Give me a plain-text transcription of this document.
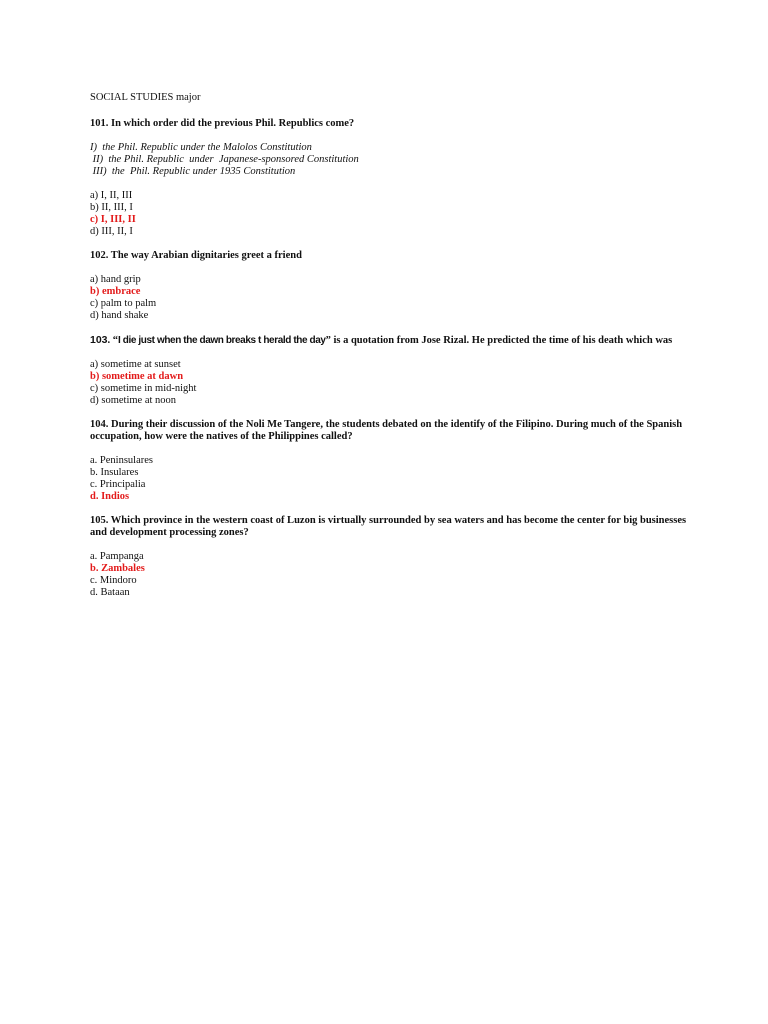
SOCIAL STUDIES major

101. In which order did the previous Phil. Republics come?

I)  the Phil. Republic under the Malolos Constitution

II)  the Phil. Republic  under  Japanese-sponsored Constitution

III)  the  Phil. Republic under 1935 Constitution

a) I, II, III

b) II, III, I

c) I, III, II

d) III, II, I

102. The way Arabian dignitaries greet a friend

a) hand grip

b) embrace

c) palm to palm

d) hand shake

103. “I die just when the dawn breaks t herald the day” is a quotation from Jose Rizal. He predicted the time of his death which was

a) sometime at sunset

b) sometime at dawn

c) sometime in mid-night

d) sometime at noon

104. During their discussion of the Noli Me Tangere, the students debated on the identify of the Filipino. During much of the Spanish occupation, how were the natives of the Philippines called?

a. Peninsulares

b. Insulares

c. Principalia

d. Indios

105. Which province in the western coast of Luzon is virtually surrounded by sea waters and has become the center for big businesses and development processing zones?

a. Pampanga

b. Zambales

c. Mindoro

d. Bataan
